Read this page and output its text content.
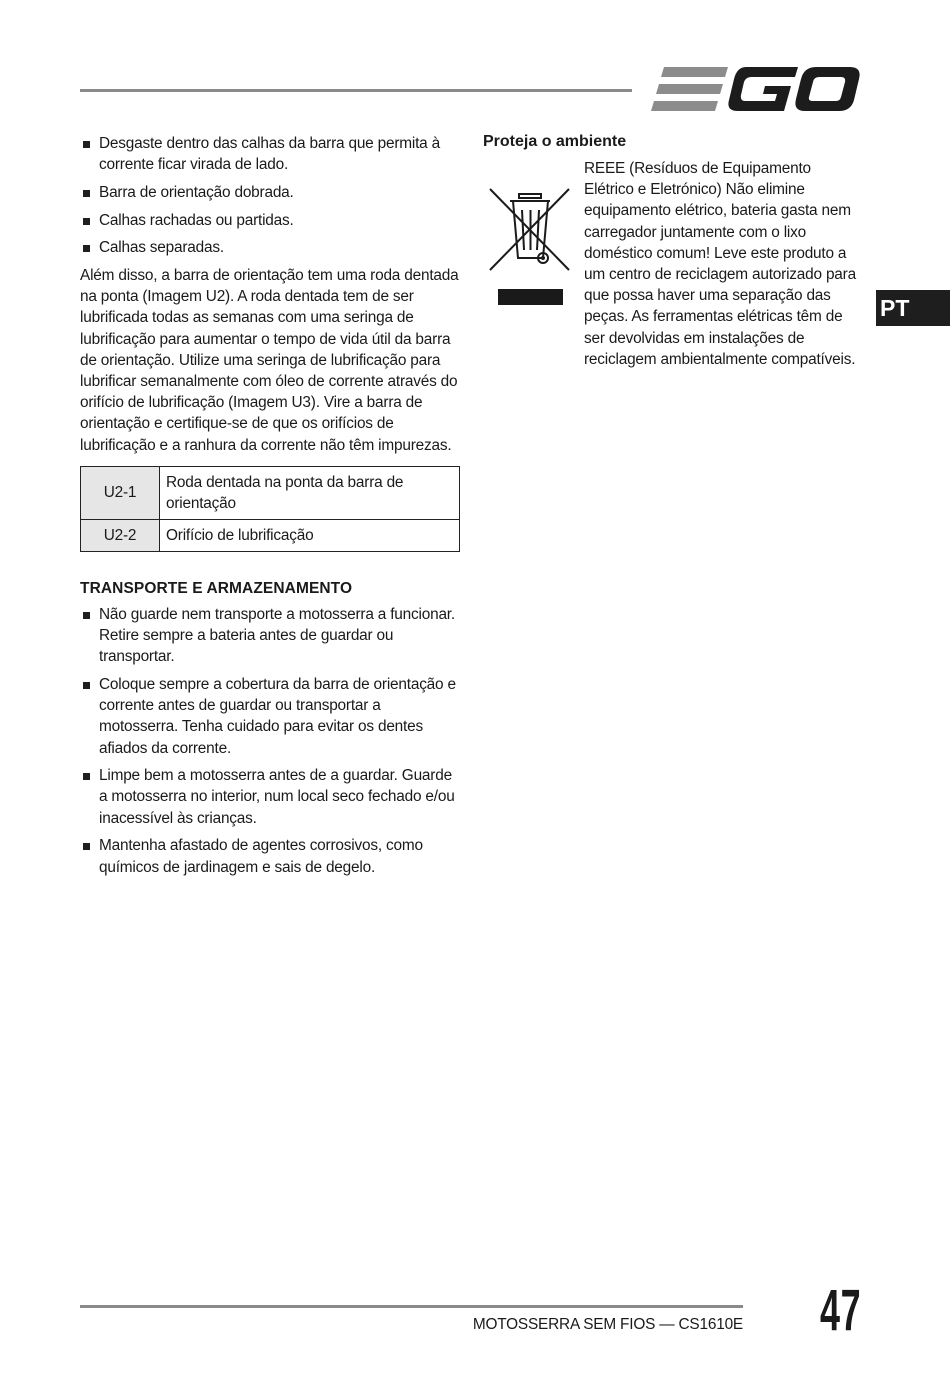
Desgaste dentro das calhas da barra que permita à corrente ficar virada de lado.
Barra de orientação dobrada.
Calhas rachadas ou partidas.
Calhas separadas.

Além disso, a barra de orientação tem uma roda dentada na ponta (Imagem U2). A roda dentada tem de ser lubrificada todas as semanas com uma seringa de lubrificação para aumentar o tempo de vida útil da barra de orientação. Utilize uma seringa de lubrificação para lubrificar semanalmente com óleo de corrente através do orifício de lubrificação (Imagem U3). Vire a barra de orientação e certifique-se de que os orifícios de lubrificação e a ranhura da corrente não têm impurezas.

U2-1	Roda dentada na ponta da barra de orientação
U2-2	Orifício de lubrificação
TRANSPORTE E ARMAZENAMENTO
Não guarde nem transporte a motosserra a funcionar. Retire sempre a bateria antes de guardar ou transportar.
Coloque sempre a cobertura da barra de orientação e corrente antes de guardar ou transportar a motosserra. Tenha cuidado para evitar os dentes afiados da corrente.
Limpe bem a motosserra antes de a guardar. Guarde a motosserra no interior, num local seco fechado e/ou inacessível às crianças.
Mantenha afastado de agentes corrosivos, como químicos de jardinagem e sais de degelo.
Proteja o ambiente
REEE (Resíduos de Equipamento Elétrico e Eletrónico) Não elimine equipamento elétrico, bateria gasta nem carregador juntamente com o lixo doméstico comum! Leve este produto a um centro de reciclagem autorizado para que possa haver uma separação das peças. As ferramentas elétricas têm de ser devolvidas em instalações de reciclagem ambientalmente compatíveis.
PT
MOTOSSERRA SEM FIOS — CS1610E 47
